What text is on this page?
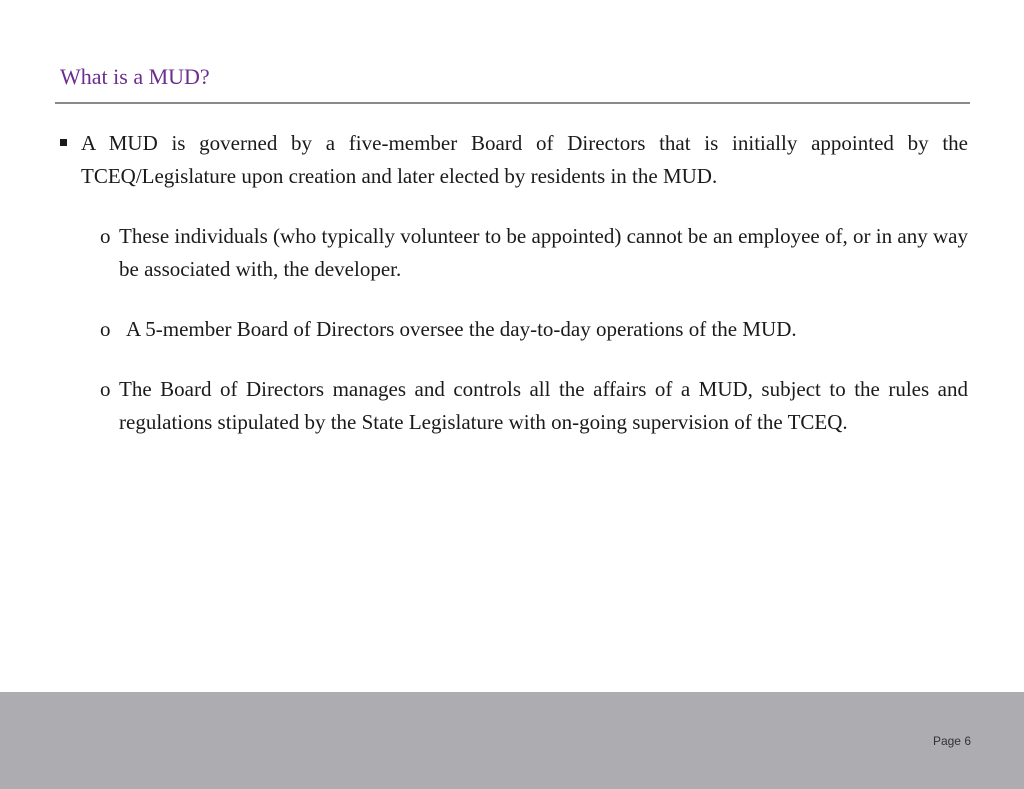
What is a MUD?
A MUD is governed by a five-member Board of Directors that is initially appointed by the TCEQ/Legislature upon creation and later elected by residents in the MUD.
o These individuals (who typically volunteer to be appointed) cannot be an employee of, or in any way be associated with, the developer.
o A 5-member Board of Directors oversee the day-to-day operations of the MUD.
o The Board of Directors manages and controls all the affairs of a MUD, subject to the rules and regulations stipulated by the State Legislature with on-going supervision of the TCEQ.
Page 6
